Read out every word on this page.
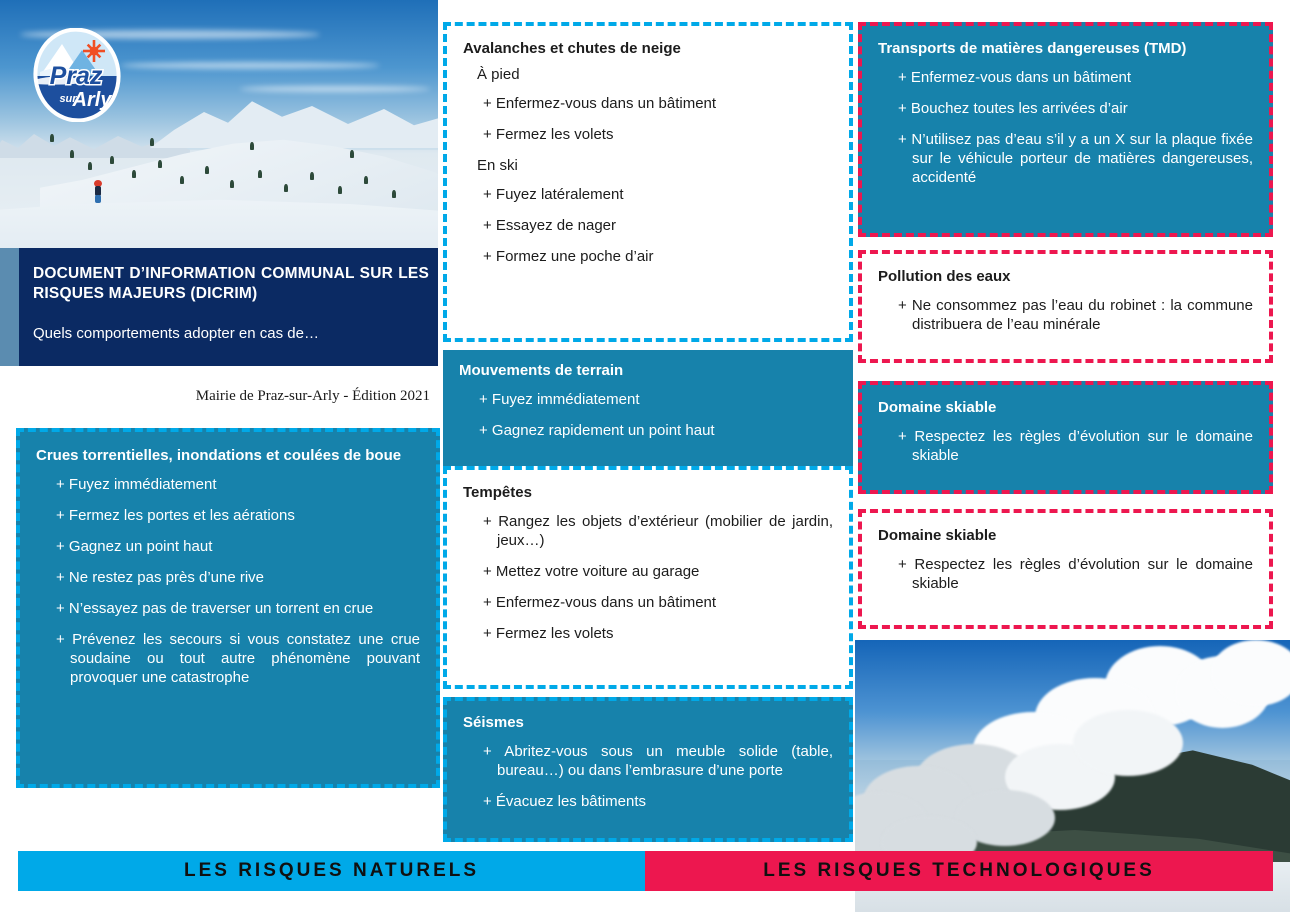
Praz
sur
Arly
DOCUMENT D’INFORMATION COMMUNAL SUR LES RISQUES MAJEURS (DICRIM)
Quels comportements adopter en cas de…
Mairie de Praz-sur-Arly - Édition 2021
Crues torrentielles, inondations et coulées de boue
+ Fuyez immédiatement
+ Fermez les portes et les aérations
+ Gagnez un point haut
+ Ne restez pas près d’une rive
+ N’essayez pas de traverser un torrent en crue
+ Prévenez les secours si vous constatez une crue soudaine ou tout autre phénomène pouvant provoquer une catastrophe
Avalanches et chutes de neige
À pied
+ Enfermez-vous dans un bâtiment
+ Fermez les volets
En ski
+ Fuyez latéralement
+ Essayez de nager
+ Formez une poche d’air
Mouvements de terrain
+ Fuyez immédiatement
+ Gagnez rapidement un point haut
Tempêtes
+ Rangez les objets d’extérieur (mobilier de jardin, jeux…)
+ Mettez votre voiture au garage
+ Enfermez-vous dans un bâtiment
+ Fermez les volets
Séismes
+ Abritez-vous sous un meuble solide (table, bureau…) ou dans l’embrasure d’une porte
+ Évacuez les bâtiments
Transports de matières dangereuses (TMD)
+ Enfermez-vous dans un bâtiment
+ Bouchez toutes les arrivées d’air
+ N’utilisez pas d’eau s’il y a un X sur la plaque fixée sur le véhicule porteur de matières dangereuses, accidenté
Pollution des eaux
+ Ne consommez pas l’eau du robinet : la commune distribuera de l’eau minérale
Domaine skiable
+ Respectez les règles d’évolution sur le domaine skiable
Domaine skiable
+ Respectez les règles d’évolution sur le domaine skiable
LES RISQUES NATURELS	LES RISQUES TECHNOLOGIQUES
